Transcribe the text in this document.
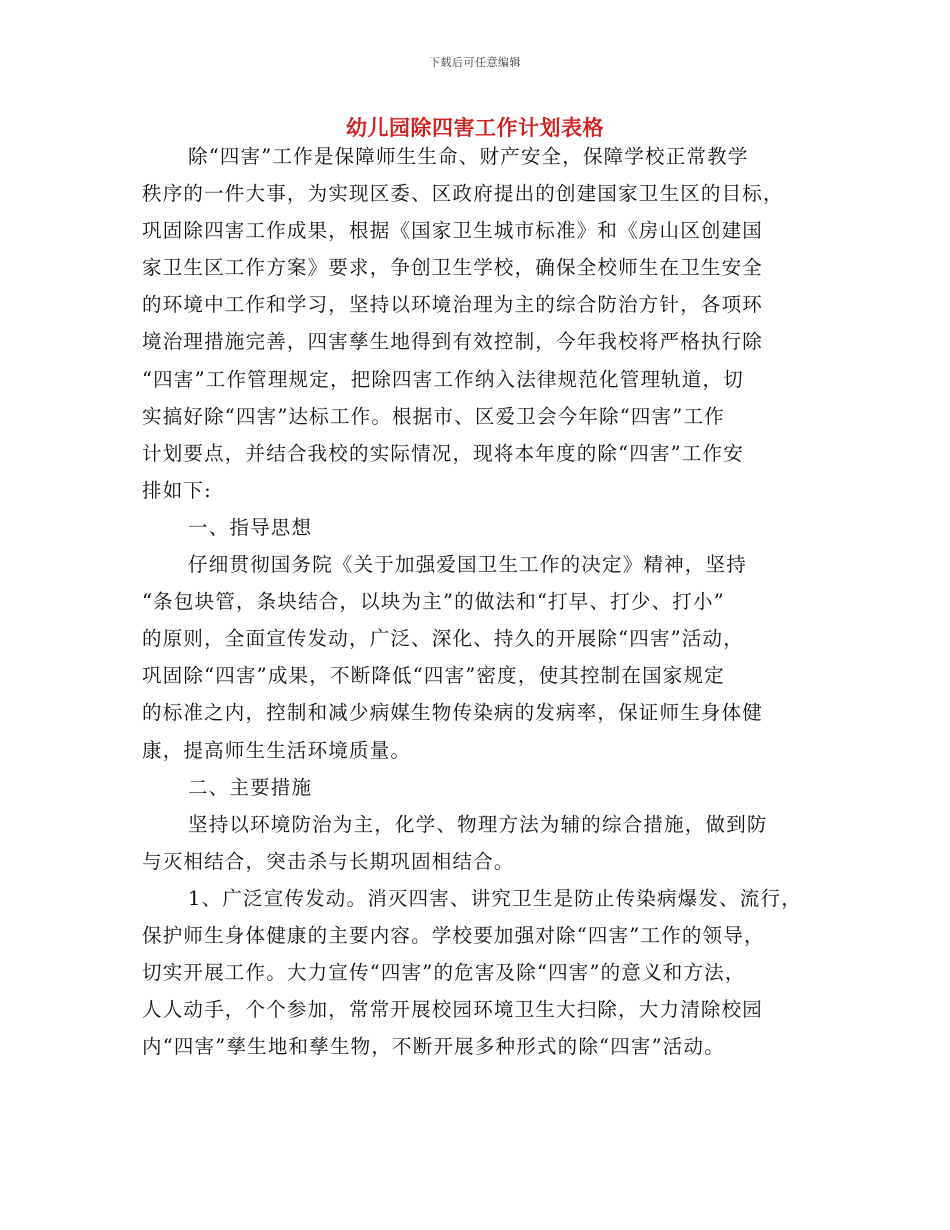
下载后可任意编辑
幼儿园除四害工作计划表格
除“四害”工作是保障师生生命、财产安全，保障学校正常教学
秩序的一件大事，为实现区委、区政府提出的创建国家卫生区的目标，
巩固除四害工作成果，根据《国家卫生城市标准》和《房山区创建国
家卫生区工作方案》要求，争创卫生学校，确保全校师生在卫生安全
的环境中工作和学习，坚持以环境治理为主的综合防治方针，各项环
境治理措施完善，四害孳生地得到有效控制，今年我校将严格执行除
“四害”工作管理规定，把除四害工作纳入法律规范化管理轨道，切
实搞好除“四害”达标工作。根据市、区爱卫会今年除“四害”工作
计划要点，并结合我校的实际情况，现将本年度的除“四害”工作安
排如下:
一、指导思想
仔细贯彻国务院《关于加强爱国卫生工作的决定》精神，坚持
“条包块管，条块结合，以块为主”的做法和“打早、打少、打小”
的原则，全面宣传发动，广泛、深化、持久的开展除“四害”活动，
巩固除“四害”成果，不断降低“四害”密度，使其控制在国家规定
的标准之内，控制和减少病媒生物传染病的发病率，保证师生身体健
康，提高师生生活环境质量。
二、主要措施
坚持以环境防治为主，化学、物理方法为辅的综合措施，做到防
与灭相结合，突击杀与长期巩固相结合。
1、广泛宣传发动。消灭四害、讲究卫生是防止传染病爆发、流行，
保护师生身体健康的主要内容。学校要加强对除“四害”工作的领导，
切实开展工作。大力宣传“四害”的危害及除“四害”的意义和方法，
人人动手，个个参加，常常开展校园环境卫生大扫除，大力清除校园
内“四害”孳生地和孳生物，不断开展多种形式的除“四害”活动。
